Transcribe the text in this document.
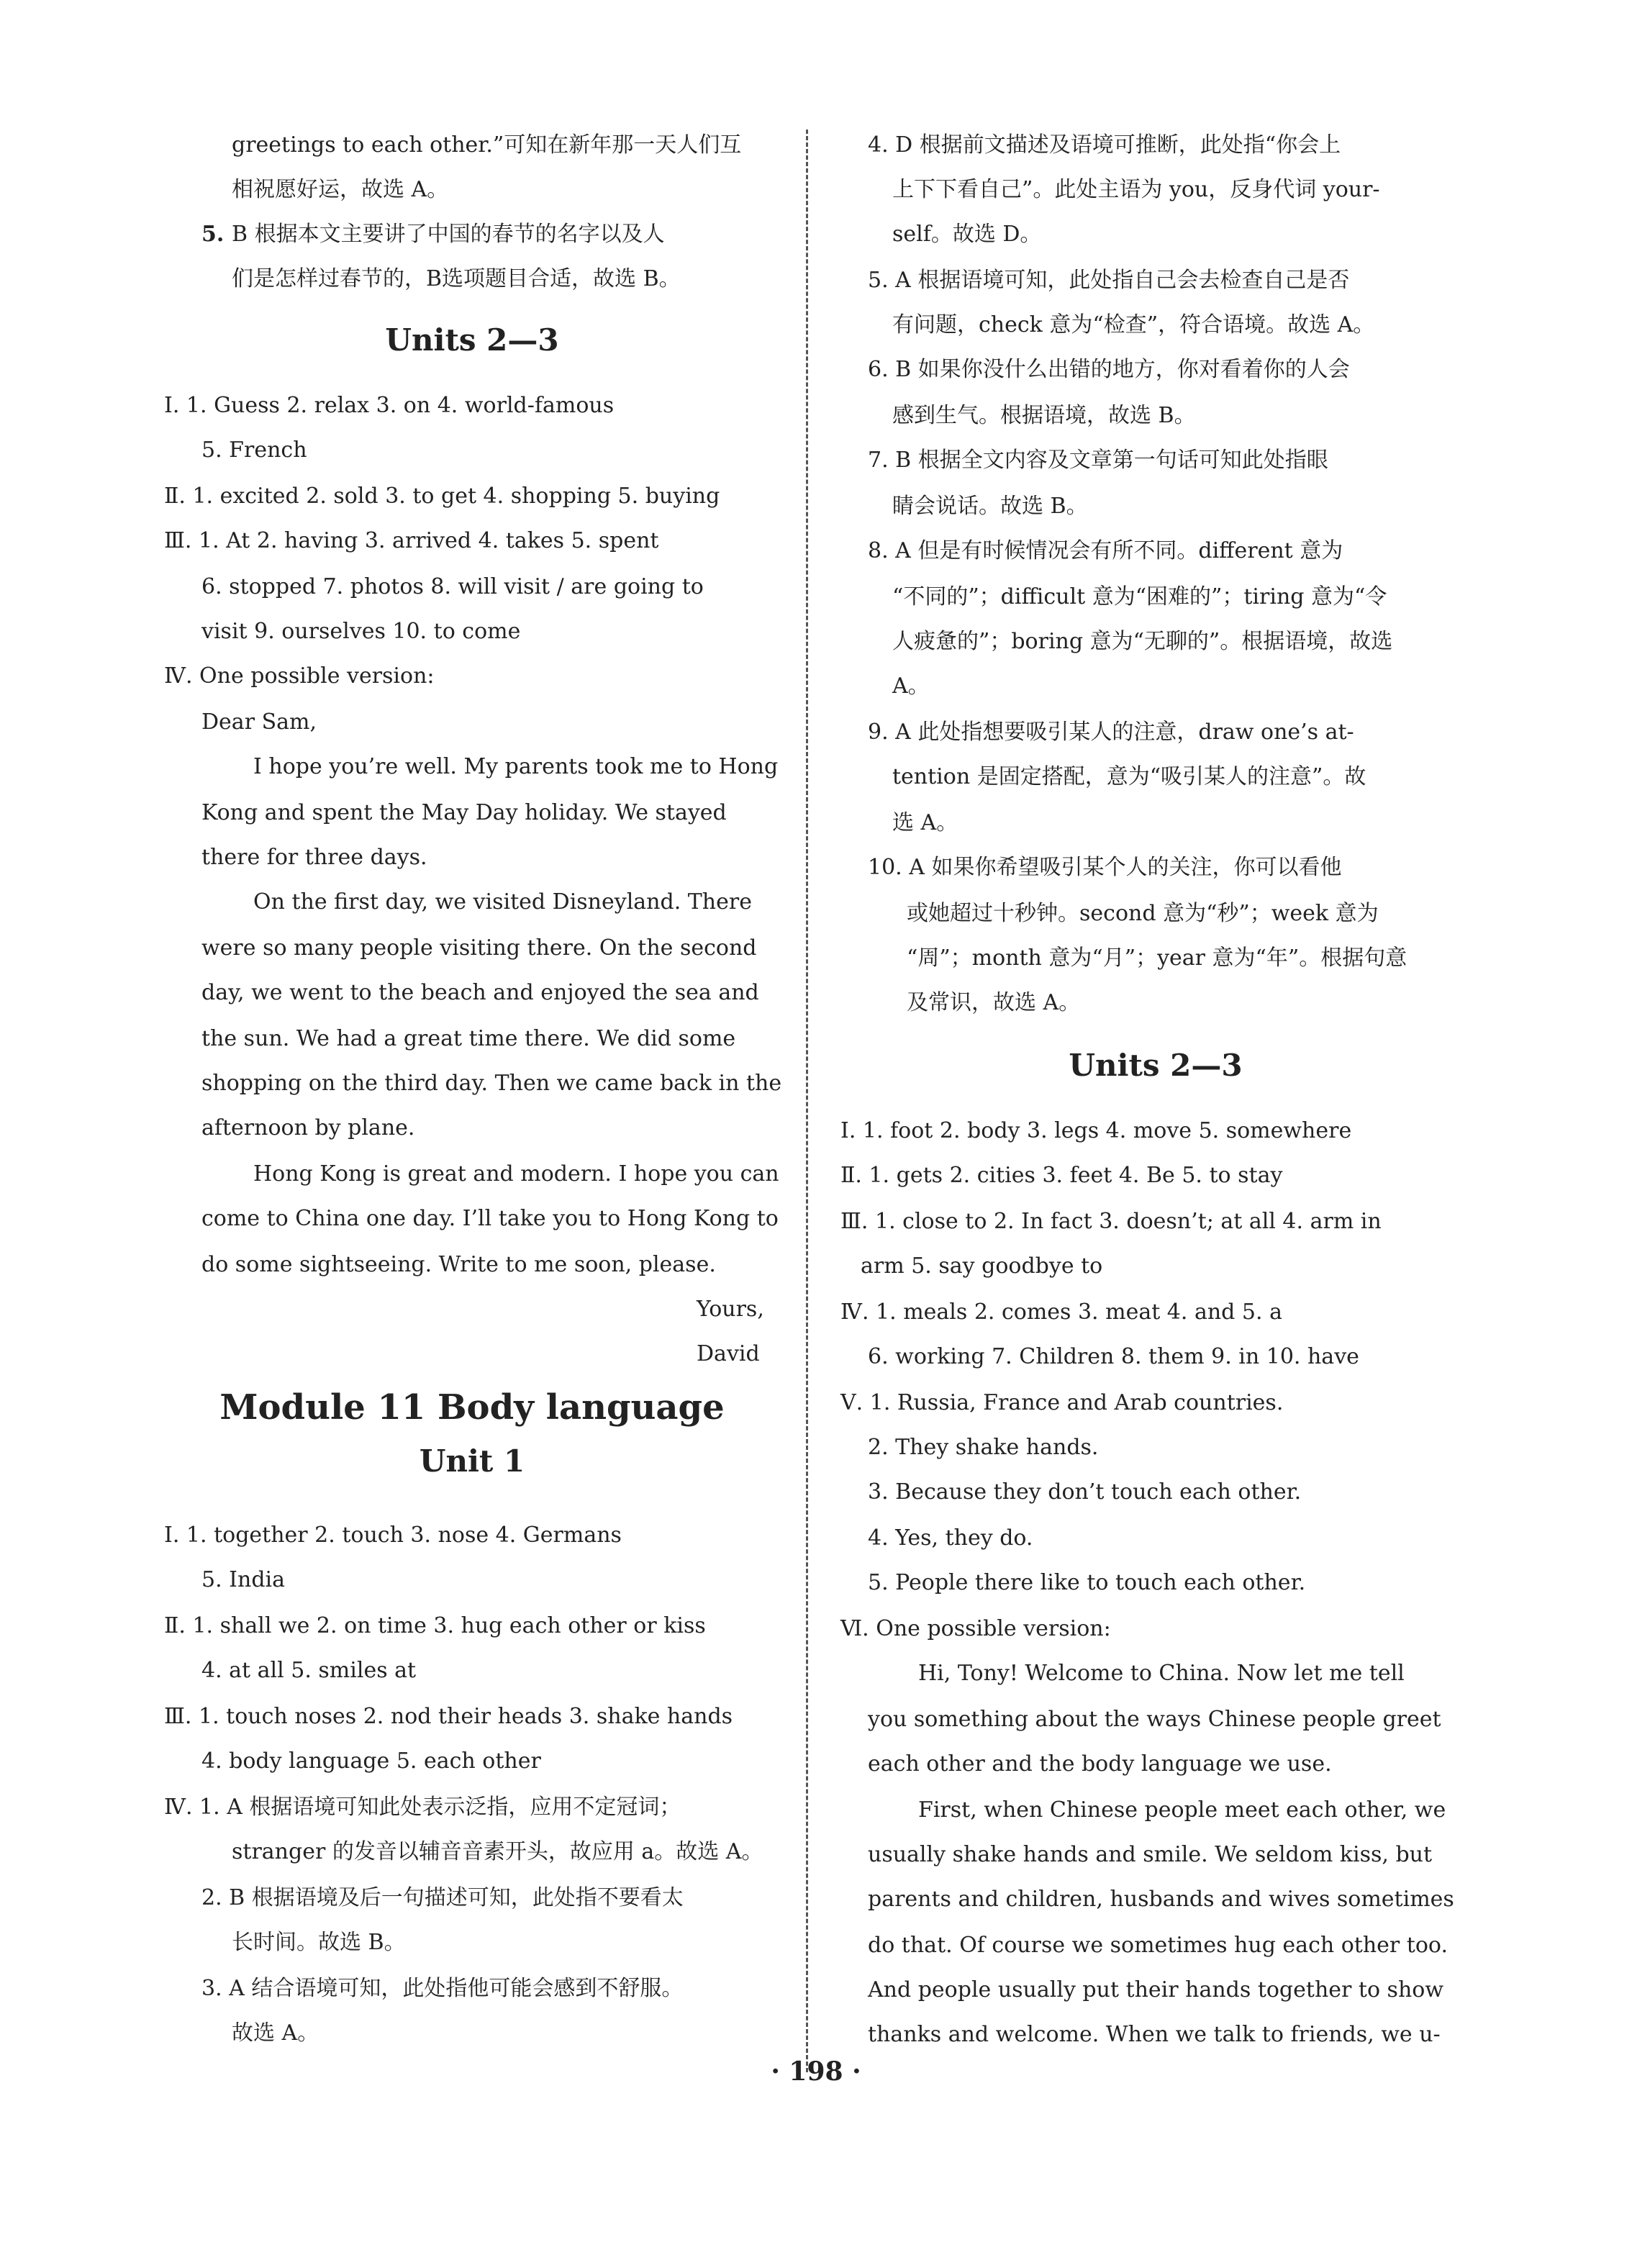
greetings to each other.”可知在新年那一天人们互
相祝愿好运，故选 A。
5. B 根据本文主要讲了中国的春节的名字以及人
们是怎样过春节的，B选项题目合适，故选 B。
Units 2—3
Ⅰ. 1. Guess 2. relax 3. on 4. world-famous
5. French
Ⅱ. 1. excited 2. sold 3. to get 4. shopping 5. buying
Ⅲ. 1. At 2. having 3. arrived 4. takes 5. spent
6. stopped 7. photos 8. will visit / are going to
visit 9. ourselves 10. to come
Ⅳ. One possible version:
Dear Sam,
I hope you’re well. My parents took me to Hong
Kong and spent the May Day holiday. We stayed
there for three days.
On the first day, we visited Disneyland. There
were so many people visiting there. On the second
day, we went to the beach and enjoyed the sea and
the sun. We had a great time there. We did some
shopping on the third day. Then we came back in the
afternoon by plane.
Hong Kong is great and modern. I hope you can
come to China one day. I’ll take you to Hong Kong to
do some sightseeing. Write to me soon, please.
Yours,
David
Module 11 Body language
Unit 1
Ⅰ. 1. together 2. touch 3. nose 4. Germans
5. India
Ⅱ. 1. shall we 2. on time 3. hug each other or kiss
4. at all 5. smiles at
Ⅲ. 1. touch noses 2. nod their heads 3. shake hands
4. body language 5. each other
Ⅳ. 1. A 根据语境可知此处表示泛指，应用不定冠词；
stranger 的发音以辅音音素开头，故应用 a。故选 A。
2. B 根据语境及后一句描述可知，此处指不要看太
长时间。故选 B。
3. A 结合语境可知，此处指他可能会感到不舒服。
故选 A。
4. D 根据前文描述及语境可推断，此处指“你会上
上下下看自己”。此处主语为 you，反身代词 your-
self。故选 D。
5. A 根据语境可知，此处指自己会去检查自己是否
有问题，check 意为“检查”，符合语境。故选 A。
6. B 如果你没什么出错的地方，你对看着你的人会
感到生气。根据语境，故选 B。
7. B 根据全文内容及文章第一句话可知此处指眼
睛会说话。故选 B。
8. A 但是有时候情况会有所不同。different 意为
“不同的”；difficult 意为“困难的”；tiring 意为“令
人疲惫的”；boring 意为“无聊的”。根据语境，故选
A。
9. A 此处指想要吸引某人的注意，draw one’s at-
tention 是固定搭配，意为“吸引某人的注意”。故
选 A。
10. A 如果你希望吸引某个人的关注，你可以看他
或她超过十秒钟。second 意为“秒”；week 意为
“周”；month 意为“月”；year 意为“年”。根据句意
及常识，故选 A。
Units 2—3
Ⅰ. 1. foot 2. body 3. legs 4. move 5. somewhere
Ⅱ. 1. gets 2. cities 3. feet 4. Be 5. to stay
Ⅲ. 1. close to 2. In fact 3. doesn’t; at all 4. arm in
arm 5. say goodbye to
Ⅳ. 1. meals 2. comes 3. meat 4. and 5. a
6. working 7. Children 8. them 9. in 10. have
Ⅴ. 1. Russia, France and Arab countries.
2. They shake hands.
3. Because they don’t touch each other.
4. Yes, they do.
5. People there like to touch each other.
Ⅵ. One possible version:
Hi, Tony! Welcome to China. Now let me tell
you something about the ways Chinese people greet
each other and the body language we use.
First, when Chinese people meet each other, we
usually shake hands and smile. We seldom kiss, but
parents and children, husbands and wives sometimes
do that. Of course we sometimes hug each other too.
And people usually put their hands together to show
thanks and welcome. When we talk to friends, we u-
· 198 ·
